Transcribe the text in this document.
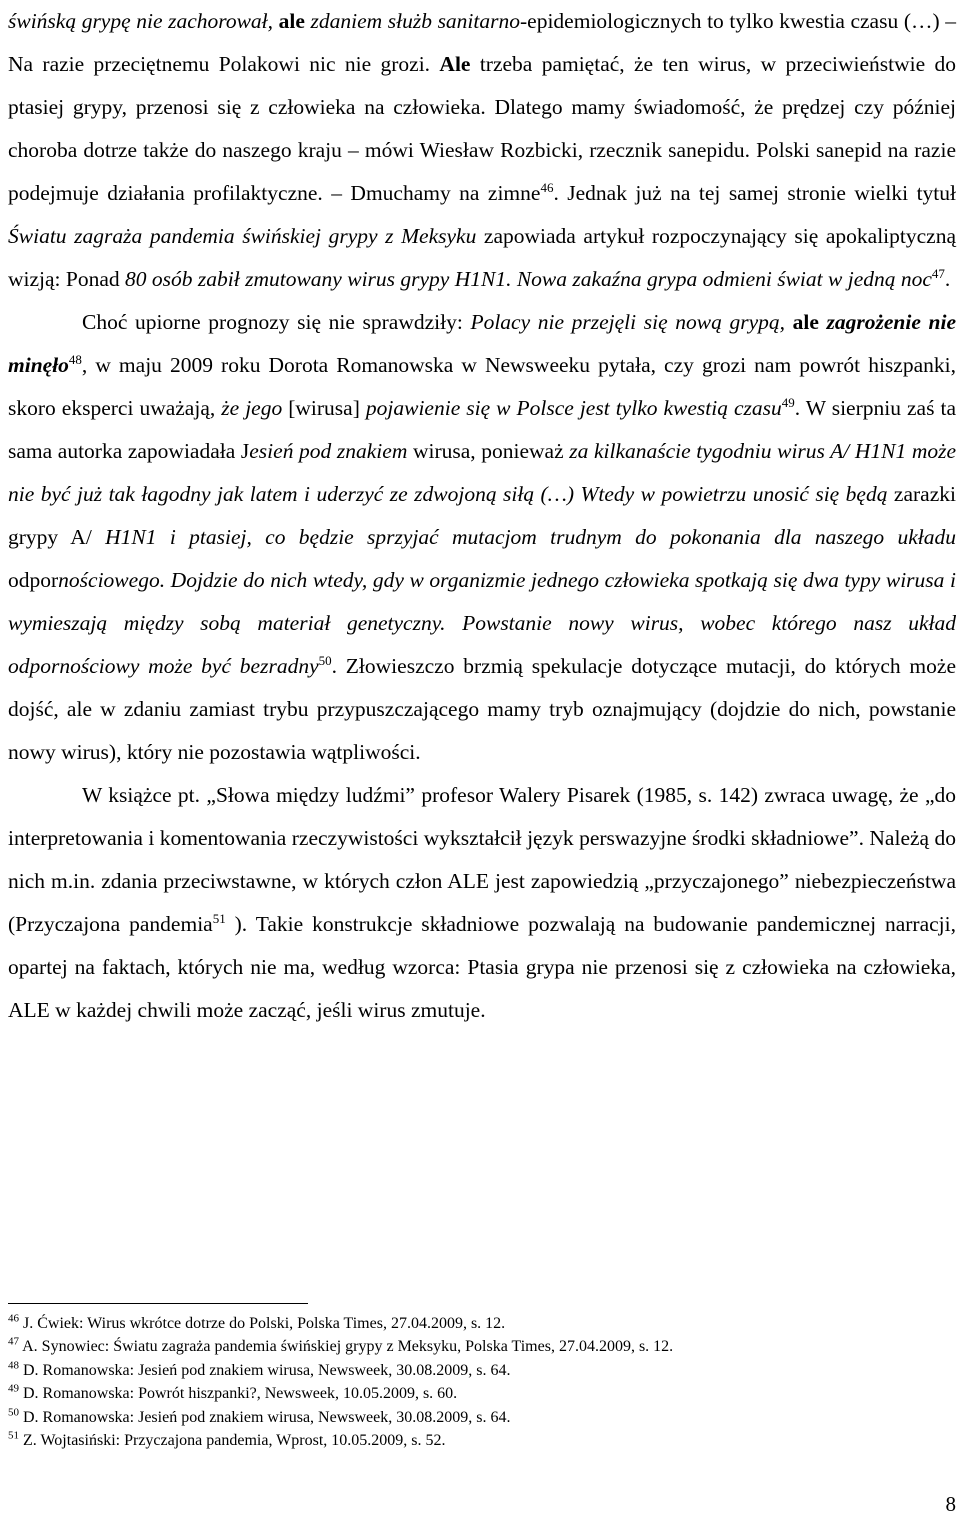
świńską grypę nie zachorował, ale zdaniem służb sanitarno-epidemiologicznych to tylko kwestia czasu (…) – Na razie przeciętnemu Polakowi nic nie grozi. Ale trzeba pamiętać, że ten wirus, w przeciwieństwie do ptasiej grypy, przenosi się z człowieka na człowieka. Dlatego mamy świadomość, że prędzej czy później choroba dotrze także do naszego kraju – mówi Wiesław Rozbicki, rzecznik sanepidu. Polski sanepid na razie podejmuje działania profilaktyczne. – Dmuchamy na zimne$^{46}$. Jednak już na tej samej stronie wielki tytuł Światu zagraża pandemia świńskiej grypy z Meksyku zapowiada artykuł rozpoczynający się apokaliptyczną wizją: Ponad 80 osób zabił zmutowany wirus grypy H1N1. Nowa zakaźna grypa odmieni świat w jedną noc$^{47}$.

Choć upiorne prognozy się nie sprawdziły: Polacy nie przejęli się nową grypą, ale zagrożenie nie minęło$^{48}$, w maju 2009 roku Dorota Romanowska w Newsweeku pytała, czy grozi nam powrót hiszpanki, skoro eksperci uważają, że jego [wirusa] pojawienie się w Polsce jest tylko kwestią czasu$^{49}$. W sierpniu zaś ta sama autorka zapowiadała Jesień pod znakiem wirusa, ponieważ za kilkanaście tygodniu wirus A/ H1N1 może nie być już tak łagodny jak latem i uderzyć ze zdwojoną siłą (…) Wtedy w powietrzu unosić się będą zarazki grypy A/ H1N1 i ptasiej, co będzie sprzyjać mutacjom trudnym do pokonania dla naszego układu odpornościowego. Dojdzie do nich wtedy, gdy w organizmie jednego człowieka spotkają się dwa typy wirusa i wymieszają między sobą materiał genetyczny. Powstanie nowy wirus, wobec którego nasz układ odpornościowy może być bezradny$^{50}$. Złowieszczo brzmią spekulacje dotyczące mutacji, do których może dojść, ale w zdaniu zamiast trybu przypuszczającego mamy tryb oznajmujący (dojdzie do nich, powstanie nowy wirus), który nie pozostawia wątpliwości.

W książce pt. „Słowa między ludźmi” profesor Walery Pisarek (1985, s. 142) zwraca uwagę, że „do interpretowania i komentowania rzeczywistości wykształcił język perswazyjne środki składniowe”. Należą do nich m.in. zdania przeciwstawne, w których człon ALE jest zapowiedzią „przyczajonego” niebezpieczeństwa (Przyczajona pandemia$^{51}$ ). Takie konstrukcje składniowe pozwalają na budowanie pandemicznej narracji, opartej na faktach, których nie ma, według wzorca: Ptasia grypa nie przenosi się z człowieka na człowieka, ALE w każdej chwili może zacząć, jeśli wirus zmutuje.

$^{46}$ J. Ćwiek: Wirus wkrótce dotrze do Polski, Polska Times, 27.04.2009, s. 12.

$^{47}$ A. Synowiec: Światu zagraża pandemia świńskiej grypy z Meksyku, Polska Times, 27.04.2009, s. 12.

$^{48}$ D. Romanowska: Jesień pod znakiem wirusa, Newsweek, 30.08.2009, s. 64.

$^{49}$ D. Romanowska: Powrót hiszpanki?, Newsweek, 10.05.2009, s. 60.

$^{50}$ D. Romanowska: Jesień pod znakiem wirusa, Newsweek, 30.08.2009, s. 64.

$^{51}$ Z. Wojtasiński: Przyczajona pandemia, Wprost, 10.05.2009, s. 52.

8
